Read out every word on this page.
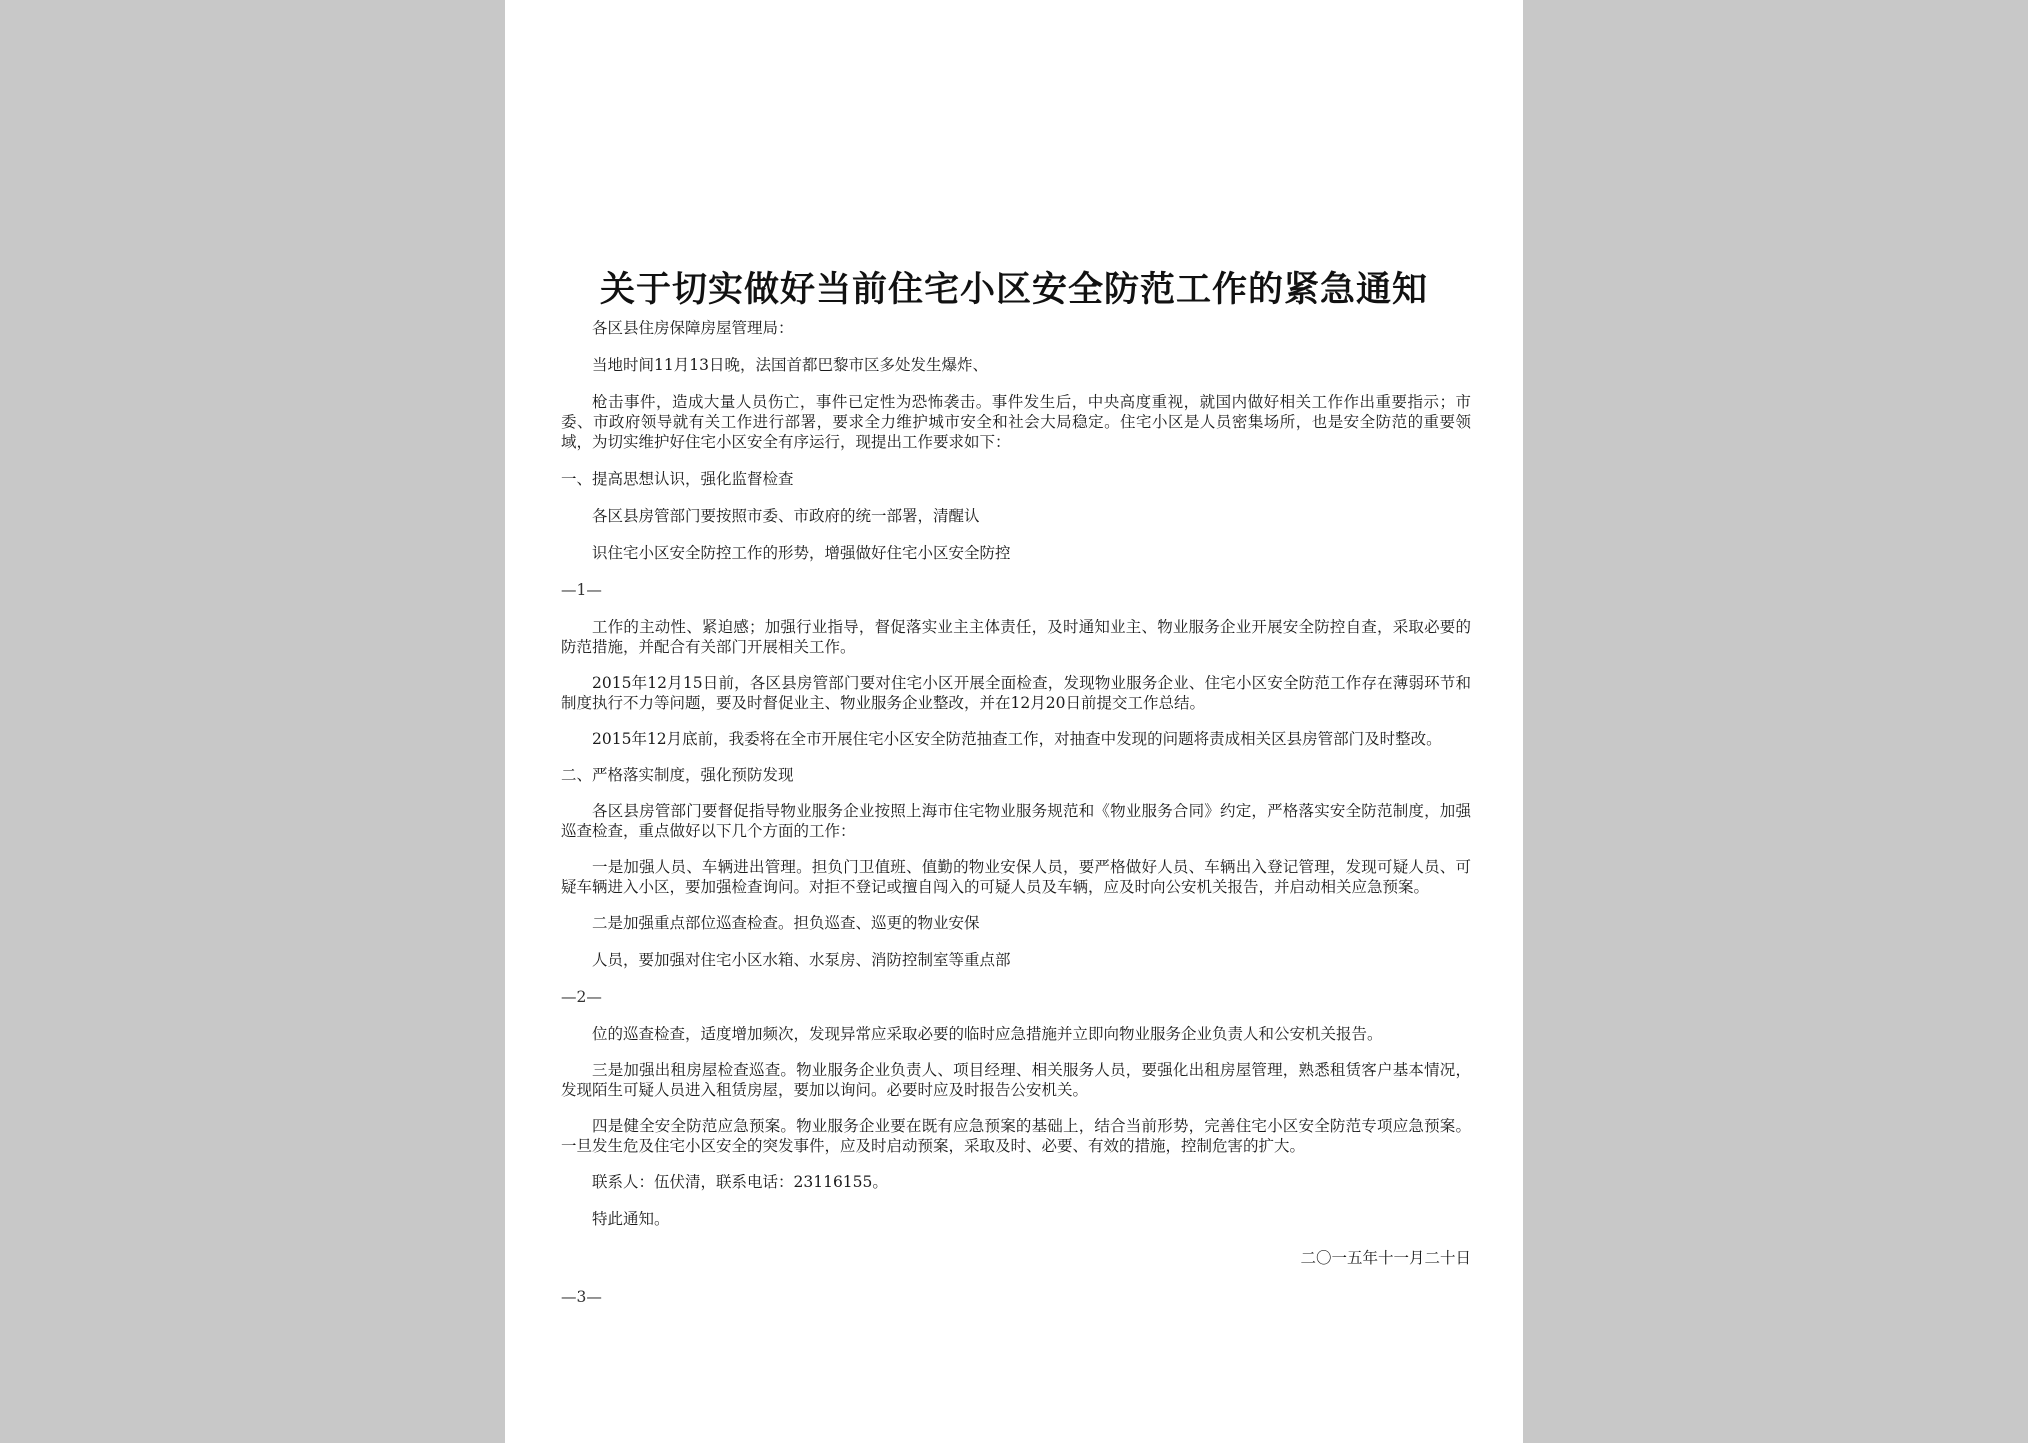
关于切实做好当前住宅小区安全防范工作的紧急通知

各区县住房保障房屋管理局：

当地时间11月13日晚，法国首都巴黎市区多处发生爆炸、

枪击事件，造成大量人员伤亡，事件已定性为恐怖袭击。事件发生后，中央高度重视，就国内做好相关工作作出重要指示；市委、市政府领导就有关工作进行部署，要求全力维护城市安全和社会大局稳定。住宅小区是人员密集场所，也是安全防范的重要领域，为切实维护好住宅小区安全有序运行，现提出工作要求如下：

一、提高思想认识，强化监督检查

各区县房管部门要按照市委、市政府的统一部署，清醒认

识住宅小区安全防控工作的形势，增强做好住宅小区安全防控

—1—

工作的主动性、紧迫感；加强行业指导，督促落实业主主体责任，及时通知业主、物业服务企业开展安全防控自查，采取必要的防范措施，并配合有关部门开展相关工作。

2015年12月15日前，各区县房管部门要对住宅小区开展全面检查，发现物业服务企业、住宅小区安全防范工作存在薄弱环节和制度执行不力等问题，要及时督促业主、物业服务企业整改，并在12月20日前提交工作总结。

2015年12月底前，我委将在全市开展住宅小区安全防范抽查工作，对抽查中发现的问题将责成相关区县房管部门及时整改。

二、严格落实制度，强化预防发现

各区县房管部门要督促指导物业服务企业按照上海市住宅物业服务规范和《物业服务合同》约定，严格落实安全防范制度，加强巡查检查，重点做好以下几个方面的工作：

一是加强人员、车辆进出管理。担负门卫值班、值勤的物业安保人员，要严格做好人员、车辆出入登记管理，发现可疑人员、可疑车辆进入小区，要加强检查询问。对拒不登记或擅自闯入的可疑人员及车辆，应及时向公安机关报告，并启动相关应急预案。

二是加强重点部位巡查检查。担负巡查、巡更的物业安保

人员，要加强对住宅小区水箱、水泵房、消防控制室等重点部

—2—

位的巡查检查，适度增加频次，发现异常应采取必要的临时应急措施并立即向物业服务企业负责人和公安机关报告。

三是加强出租房屋检查巡查。物业服务企业负责人、项目经理、相关服务人员，要强化出租房屋管理，熟悉租赁客户基本情况，发现陌生可疑人员进入租赁房屋，要加以询问。必要时应及时报告公安机关。

四是健全安全防范应急预案。物业服务企业要在既有应急预案的基础上，结合当前形势，完善住宅小区安全防范专项应急预案。一旦发生危及住宅小区安全的突发事件，应及时启动预案，采取及时、必要、有效的措施，控制危害的扩大。

联系人：伍伏清，联系电话：23116155。

特此通知。

二〇一五年十一月二十日

—3—
